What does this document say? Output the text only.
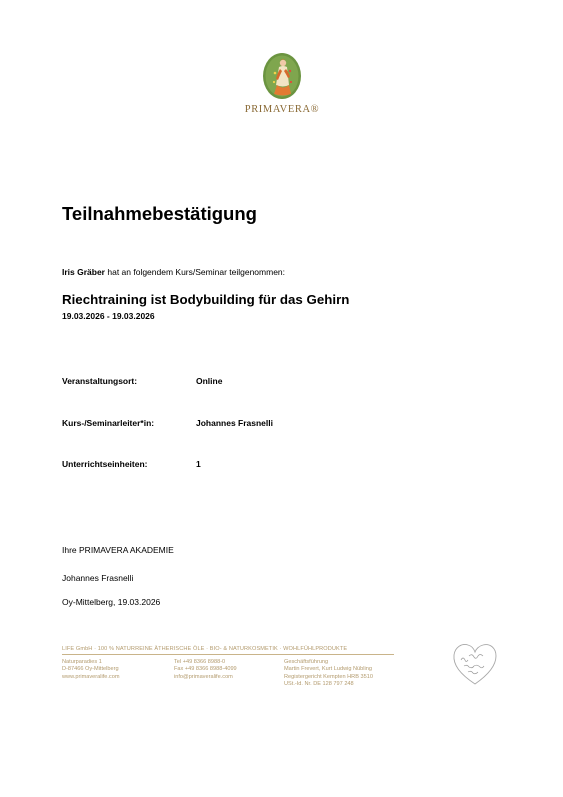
PRIMAVERA®
Teilnahmebestätigung
Iris Gräber hat an folgendem Kurs/Seminar teilgenommen:
Riechtraining ist Bodybuilding für das Gehirn
19.03.2026 - 19.03.2026
Veranstaltungsort:	Online
Kurs-/Seminarleiter*in:	Johannes Frasnelli
Unterrichtseinheiten:	1
Ihre PRIMAVERA AKADEMIE
Johannes Frasnelli
Oy-Mittelberg, 19.03.2026
LIFE GmbH · 100 % NATURREINE ÄTHERISCHE ÖLE · BIO- & NATURKOSMETIK · WOHLFÜHLPRODUKTE
Naturparadies 1
D-87466 Oy-Mittelberg
www.primaveralife.com
Tel +49 8366 8988-0
Fax +49 8366 8988-4099
info@primaveralife.com
Geschäftsführung
Martin Frevert, Kurt Ludwig Nübling
Registergericht Kempten HRB 3510
USt.-Id. Nr. DE 128 797 248
